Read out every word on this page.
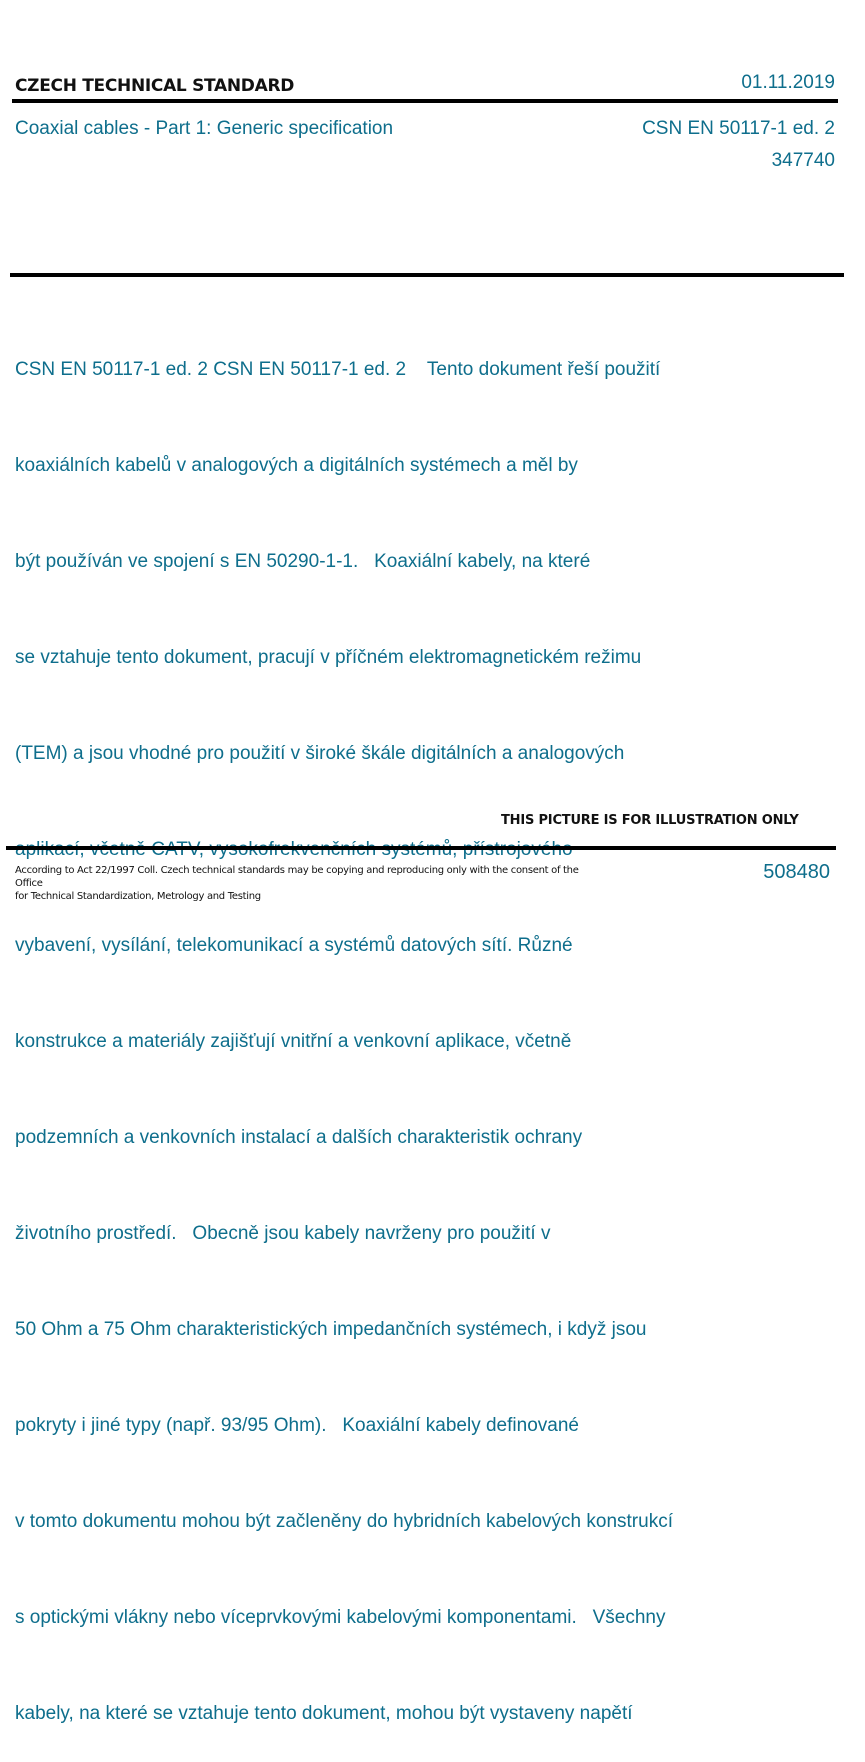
CZECH TECHNICAL STANDARD	01.11.2019
Coaxial cables - Part 1: Generic specification	CSN EN 50117-1 ed. 2
347740

CSN EN 50117-1 ed. 2 CSN EN 50117-1 ed. 2    Tento dokument řeší použití

koaxiálních kabelů v analogových a digitálních systémech a měl by

být používán ve spojení s EN 50290-1-1.   Koaxiální kabely, na které

se vztahuje tento dokument, pracují v příčném elektromagnetickém režimu

(TEM) a jsou vhodné pro použití v široké škále digitálních a analogových

vybavení, vysílání, telekomunikací a systémů datových sítí. Různé

konstrukce a materiály zajišťují vnitřní a venkovní aplikace, včetně

podzemních a venkovních instalací a dalších charakteristik ochrany

životního prostředí.   Obecně jsou kabely navrženy pro použití v

50 Ohm a 75 Ohm charakteristických impedančních systémech, i když jsou

pokryty i jiné typy (např. 93/95 Ohm).   Koaxiální kabely definované

v tomto dokumentu mohou být začleněny do hybridních kabelových konstrukcí

s optickými vlákny nebo víceprvkovými kabelovými komponentami.   Všechny

kabely, na které se vztahuje tento dokument, mohou být vystaveny napětí

THIS PICTURE IS FOR ILLUSTRATION ONLY
According to Act 22/1997 Coll. Czech technical standards may be copying and reproducing only with the consent of the Office
for Technical Standardization, Metrology and Testing
508480
